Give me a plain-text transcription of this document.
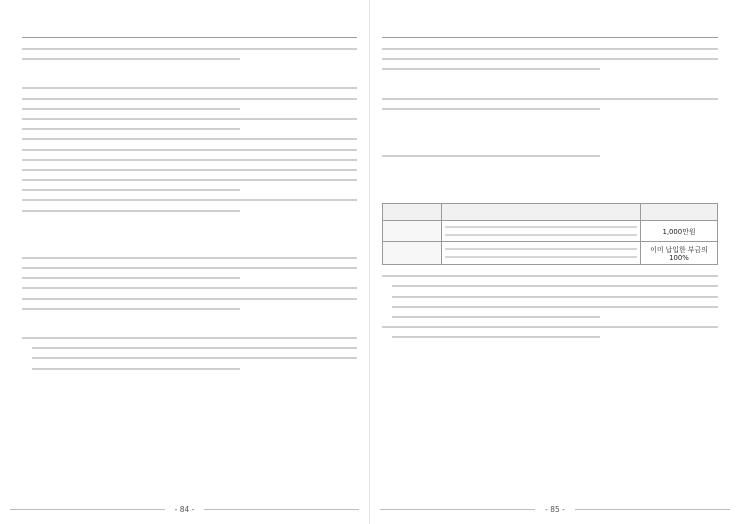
- 84 -

	1,000만원

	이미 납입한 부금의 100%

- 85 -
